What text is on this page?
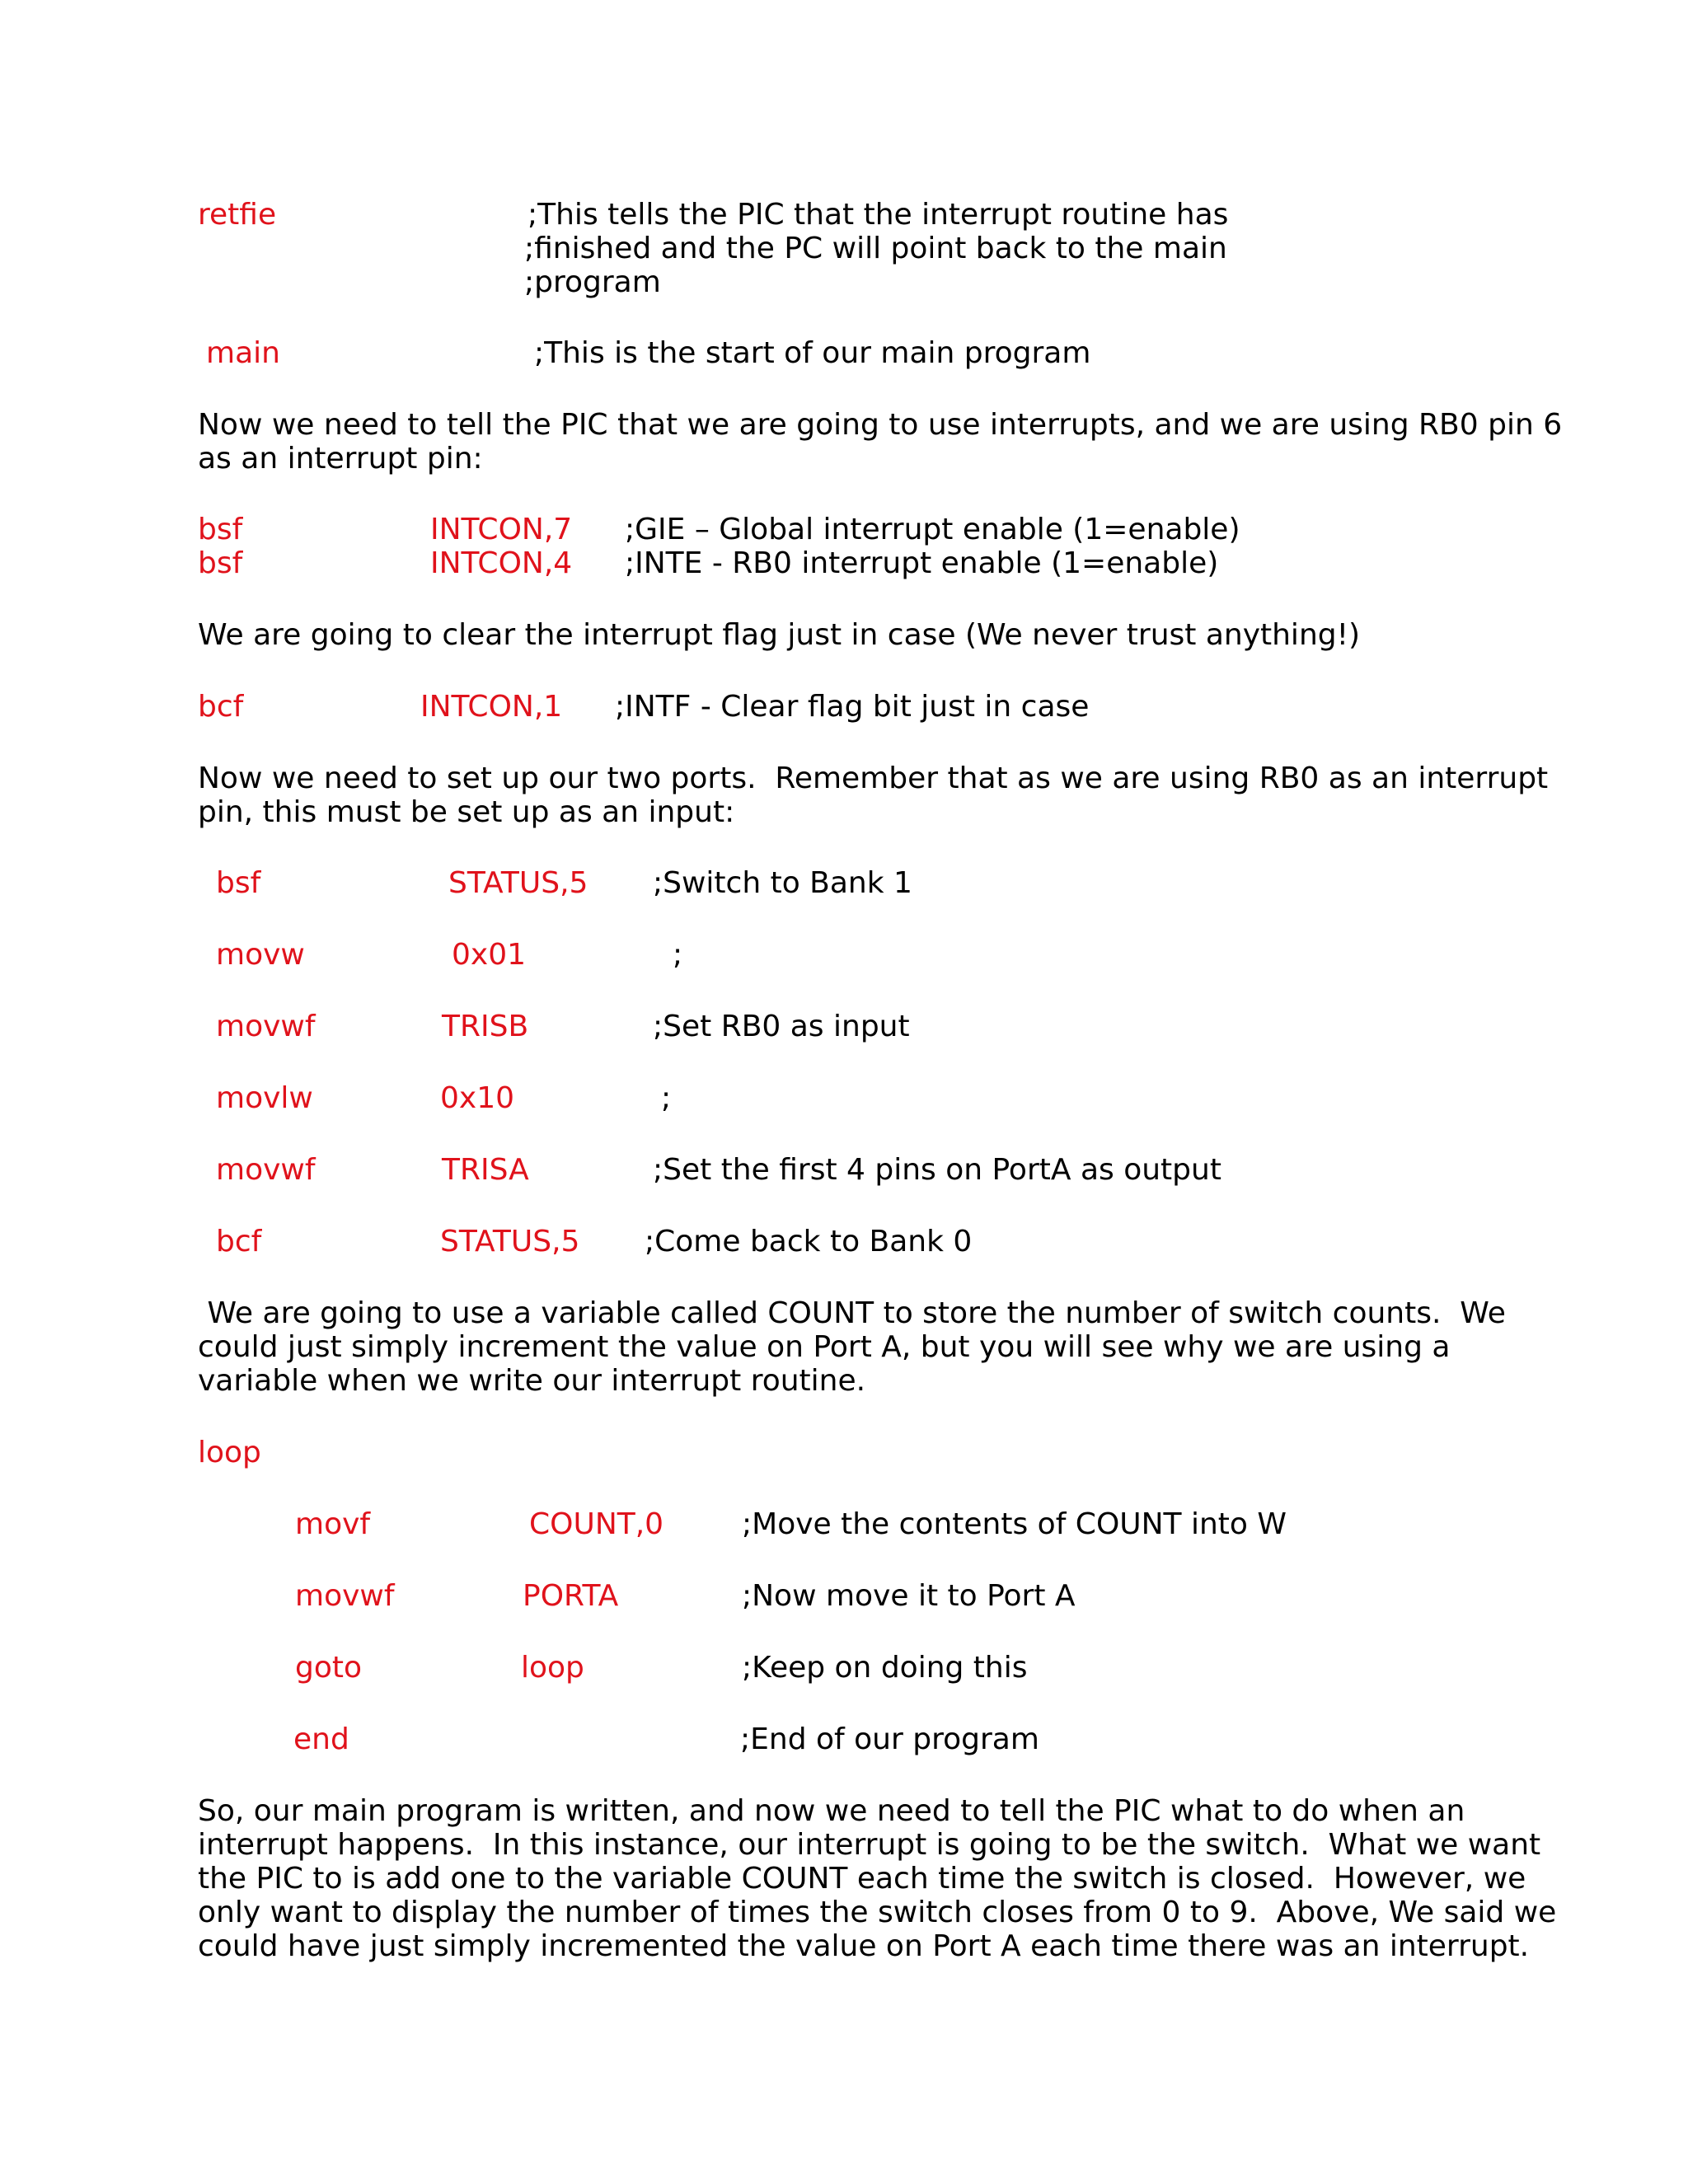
retfie	;This tells the PIC that the interrupt routine has
;finished and the PC will point back to the main
;program
main	;This is the start of our main program
Now we need to tell the PIC that we are going to use interrupts, and we are using RB0 pin 6
as an interrupt pin:
bsf	INTCON,7 ;GIE – Global interrupt enable (1=enable)
bsf	INTCON,4 ;INTE - RB0 interrupt enable (1=enable)
We are going to clear the interrupt flag just in case (We never trust anything!)
bcf	INTCON,1 ;INTF - Clear flag bit just in case
Now we need to set up our two ports.  Remember that as we are using RB0 as an interrupt
pin, this must be set up as an input:
bsf	STATUS,5 ;Switch to Bank 1
movw	0x01	;
movwf	TRISB	;Set RB0 as input
movlw	0x10	;
movwf	TRISA	;Set the first 4 pins on PortA as output
bcf	STATUS,5 ;Come back to Bank 0
We are going to use a variable called COUNT to store the number of switch counts.  We
could just simply increment the value on Port A, but you will see why we are using a
variable when we write our interrupt routine.
loop
movf	COUNT,0	;Move the contents of COUNT into W
movwf	PORTA	;Now move it to Port A
goto	loop	;Keep on doing this
end	;End of our program
So, our main program is written, and now we need to tell the PIC what to do when an
interrupt happens.  In this instance, our interrupt is going to be the switch.  What we want
the PIC to is add one to the variable COUNT each time the switch is closed.  However, we
only want to display the number of times the switch closes from 0 to 9.  Above, We said we
could have just simply incremented the value on Port A each time there was an interrupt.
